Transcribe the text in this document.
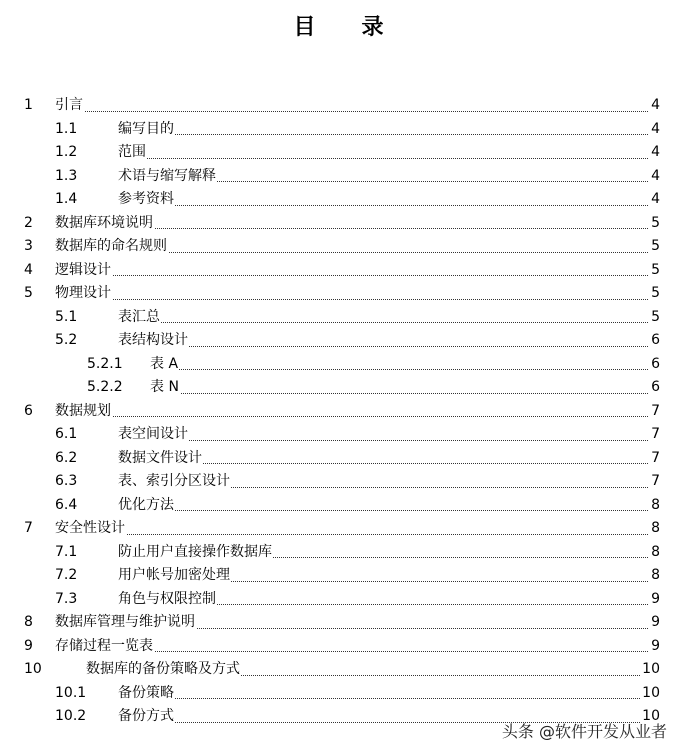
目 录
1 引言	4
1.1	编写目的	4
1.2	范围	4
1.3	术语与缩写解释	4
1.4	参考资料	4
2 数据库环境说明	5
3 数据库的命名规则	5
4 逻辑设计	5
5 物理设计	5
5.1	表汇总	5
5.2	表结构设计	6
5.2.1 表 A	6
5.2.2 表 N	6
6 数据规划	7
6.1	表空间设计	7
6.2	数据文件设计	7
6.3	表、索引分区设计	7
6.4	优化方法	8
7 安全性设计	8
7.1	防止用户直接操作数据库	8
7.2	用户帐号加密处理	8
7.3	角色与权限控制	9
8 数据库管理与维护说明	9
9 存储过程一览表	9
10	数据库的备份策略及方式	10
10.1 备份策略	10
10.2 备份方式	10
头条 @软件开发从业者
